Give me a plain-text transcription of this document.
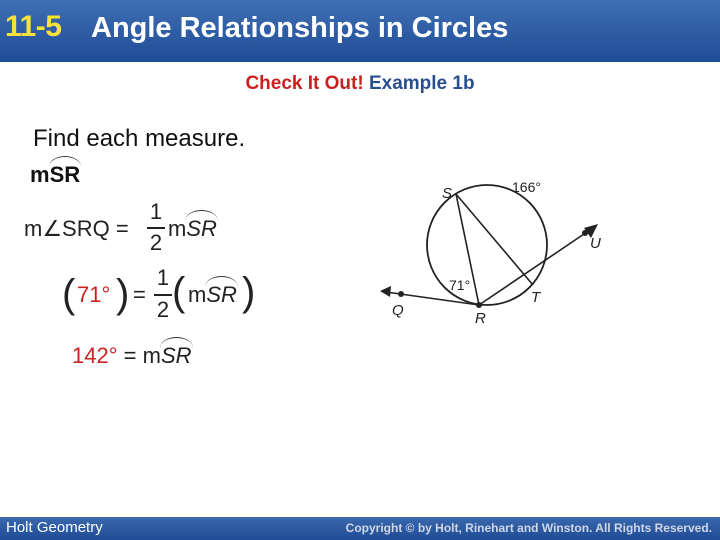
11-5 Angle Relationships in Circles
Check It Out! Example 1b
Find each measure.
mSR
m∠SRQ =
1
2
mSR
( 71° ) =
1
2 ( mSR )
142° = mSR
S	166°
U
71°
T
Q	R
Holt Geometry	Copyright © by Holt, Rinehart and Winston. All Rights Reserved.
